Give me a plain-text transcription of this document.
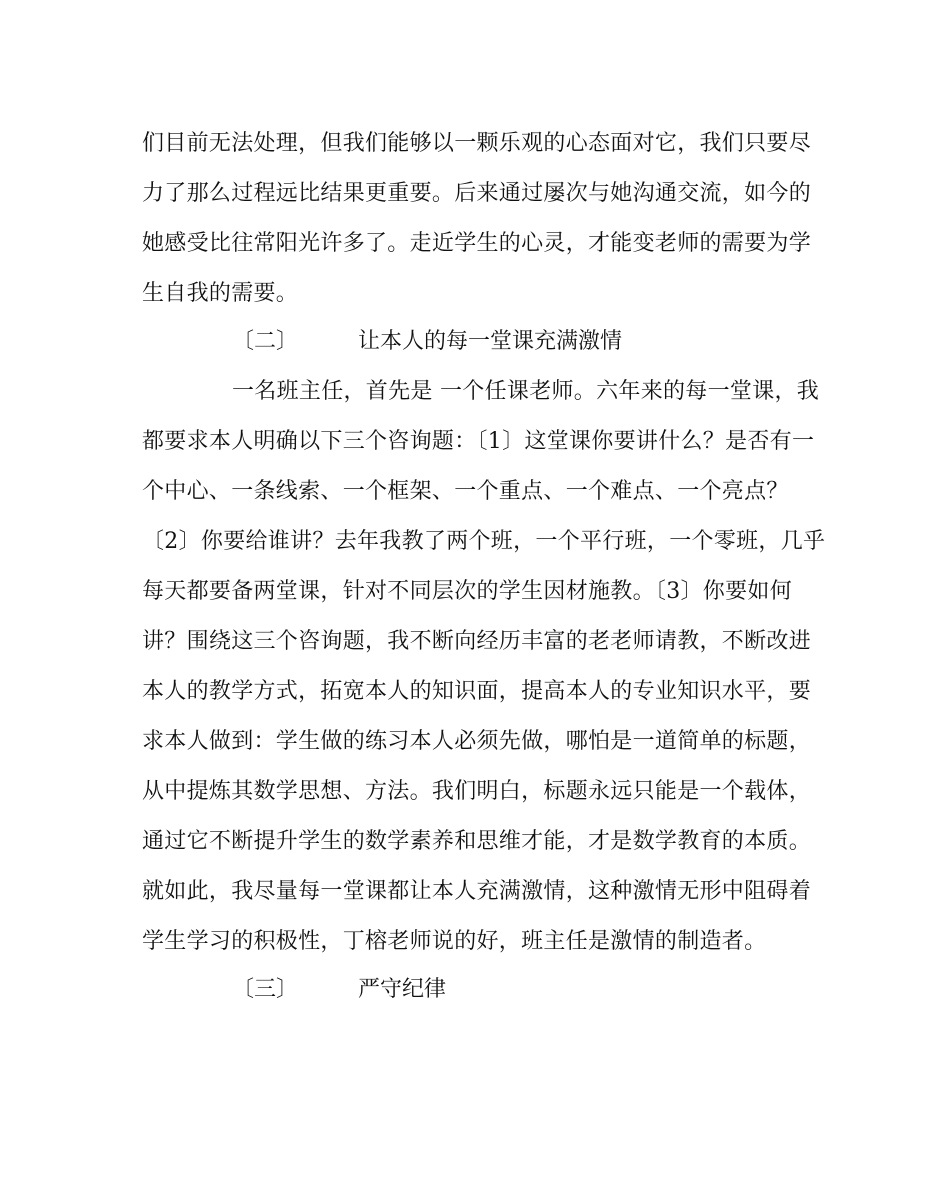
们目前无法处理，但我们能够以一颗乐观的心态面对它，我们只要尽
力了那么过程远比结果更重要。后来通过屡次与她沟通交流，如今的
她感受比往常阳光许多了。走近学生的心灵，才能变老师的需要为学
生自我的需要。
〔二〕	让本人的每一堂课充满激情
一名班主任，首先是 一个任课老师。六年来的每一堂课，我
都要求本人明确以下三个咨询题：〔1〕这堂课你要讲什么？是否有一
个中心、一条线索、一个框架、一个重点、一个难点、一个亮点？
〔2〕你要给谁讲？去年我教了两个班，一个平行班，一个零班，几乎
每天都要备两堂课，针对不同层次的学生因材施教。〔3〕你要如何
讲？围绕这三个咨询题，我不断向经历丰富的老老师请教，不断改进
本人的教学方式，拓宽本人的知识面，提高本人的专业知识水平，要
求本人做到：学生做的练习本人必须先做，哪怕是一道简单的标题，
从中提炼其数学思想、方法。我们明白，标题永远只能是一个载体，
通过它不断提升学生的数学素养和思维才能，才是数学教育的本质。
就如此，我尽量每一堂课都让本人充满激情，这种激情无形中阻碍着
学生学习的积极性，丁榕老师说的好，班主任是激情的制造者。
〔三〕	严守纪律
